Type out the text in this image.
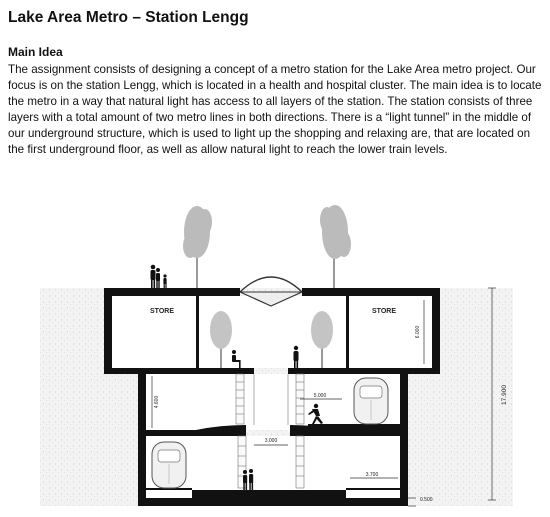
Lake Area Metro – Station Lengg
Main Idea
The assignment consists of designing a concept of a metro station for the Lake Area metro project. Our focus is on the station Lengg, which is located in a health and hospital cluster. The main idea is to locate the metro in a way that natural light has access to all layers of the station. The station consists of three layers with a total amount of two metro lines in both directions. There is a “light tunnel” in the middle of our underground structure, which is used to light up the shopping and relaxing are, that are located on the first underground floor, as well as allow natural light to reach the lower train levels.
STORE	STORE
17.900
6.000
4.600	5.000
3.000
3.700
0.500
